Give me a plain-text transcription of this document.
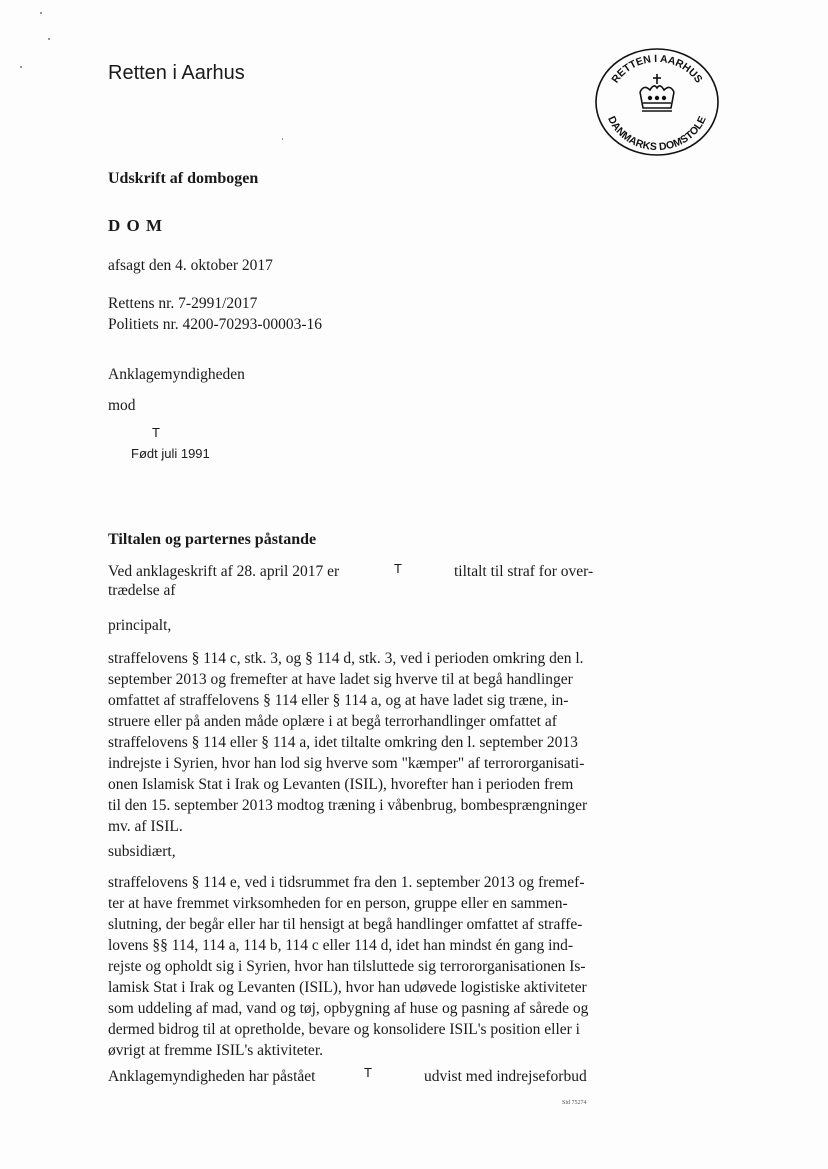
Retten i Aarhus	RETTEN I AARHUS
DANMARKS DOMSTOLE
Udskrift af dombogen
D O M
afsagt den 4. oktober 2017
Rettens nr. 7-2991/2017
Politiets nr. 4200-70293-00003-16
Anklagemyndigheden
mod
T
Født juli 1991
Tiltalen og parternes påstande
Ved anklageskrift af 28. april 2017 er	T	tiltalt til straf for over-
trædelse af
principalt,
straffelovens § 114 c, stk. 3, og § 114 d, stk. 3, ved i perioden omkring den l.
september 2013 og fremefter at have ladet sig hverve til at begå handlinger
omfattet af straffelovens § 114 eller § 114 a, og at have ladet sig træne, in-
struere eller på anden måde oplære i at begå terrorhandlinger omfattet af
straffelovens § 114 eller § 114 a, idet tiltalte omkring den l. september 2013
indrejste i Syrien, hvor han lod sig hverve som "kæmper" af terrororganisati-
onen Islamisk Stat i Irak og Levanten (ISIL), hvorefter han i perioden frem
til den 15. september 2013 modtog træning i våbenbrug, bombesprængninger
mv. af ISIL.
subsidiært,
straffelovens § 114 e, ved i tidsrummet fra den 1. september 2013 og fremef-
ter at have fremmet virksomheden for en person, gruppe eller en sammen-
slutning, der begår eller har til hensigt at begå handlinger omfattet af straffe-
lovens §§ 114, 114 a, 114 b, 114 c eller 114 d, idet han mindst én gang ind-
rejste og opholdt sig i Syrien, hvor han tilsluttede sig terrororganisationen Is-
lamisk Stat i Irak og Levanten (ISIL), hvor han udøvede logistiske aktiviteter
som uddeling af mad, vand og tøj, opbygning af huse og pasning af sårede og
dermed bidrog til at opretholde, bevare og konsolidere ISIL's position eller i
øvrigt at fremme ISIL's aktiviteter.
Anklagemyndigheden har påstået	T	udvist med indrejseforbud
Sid 75274
